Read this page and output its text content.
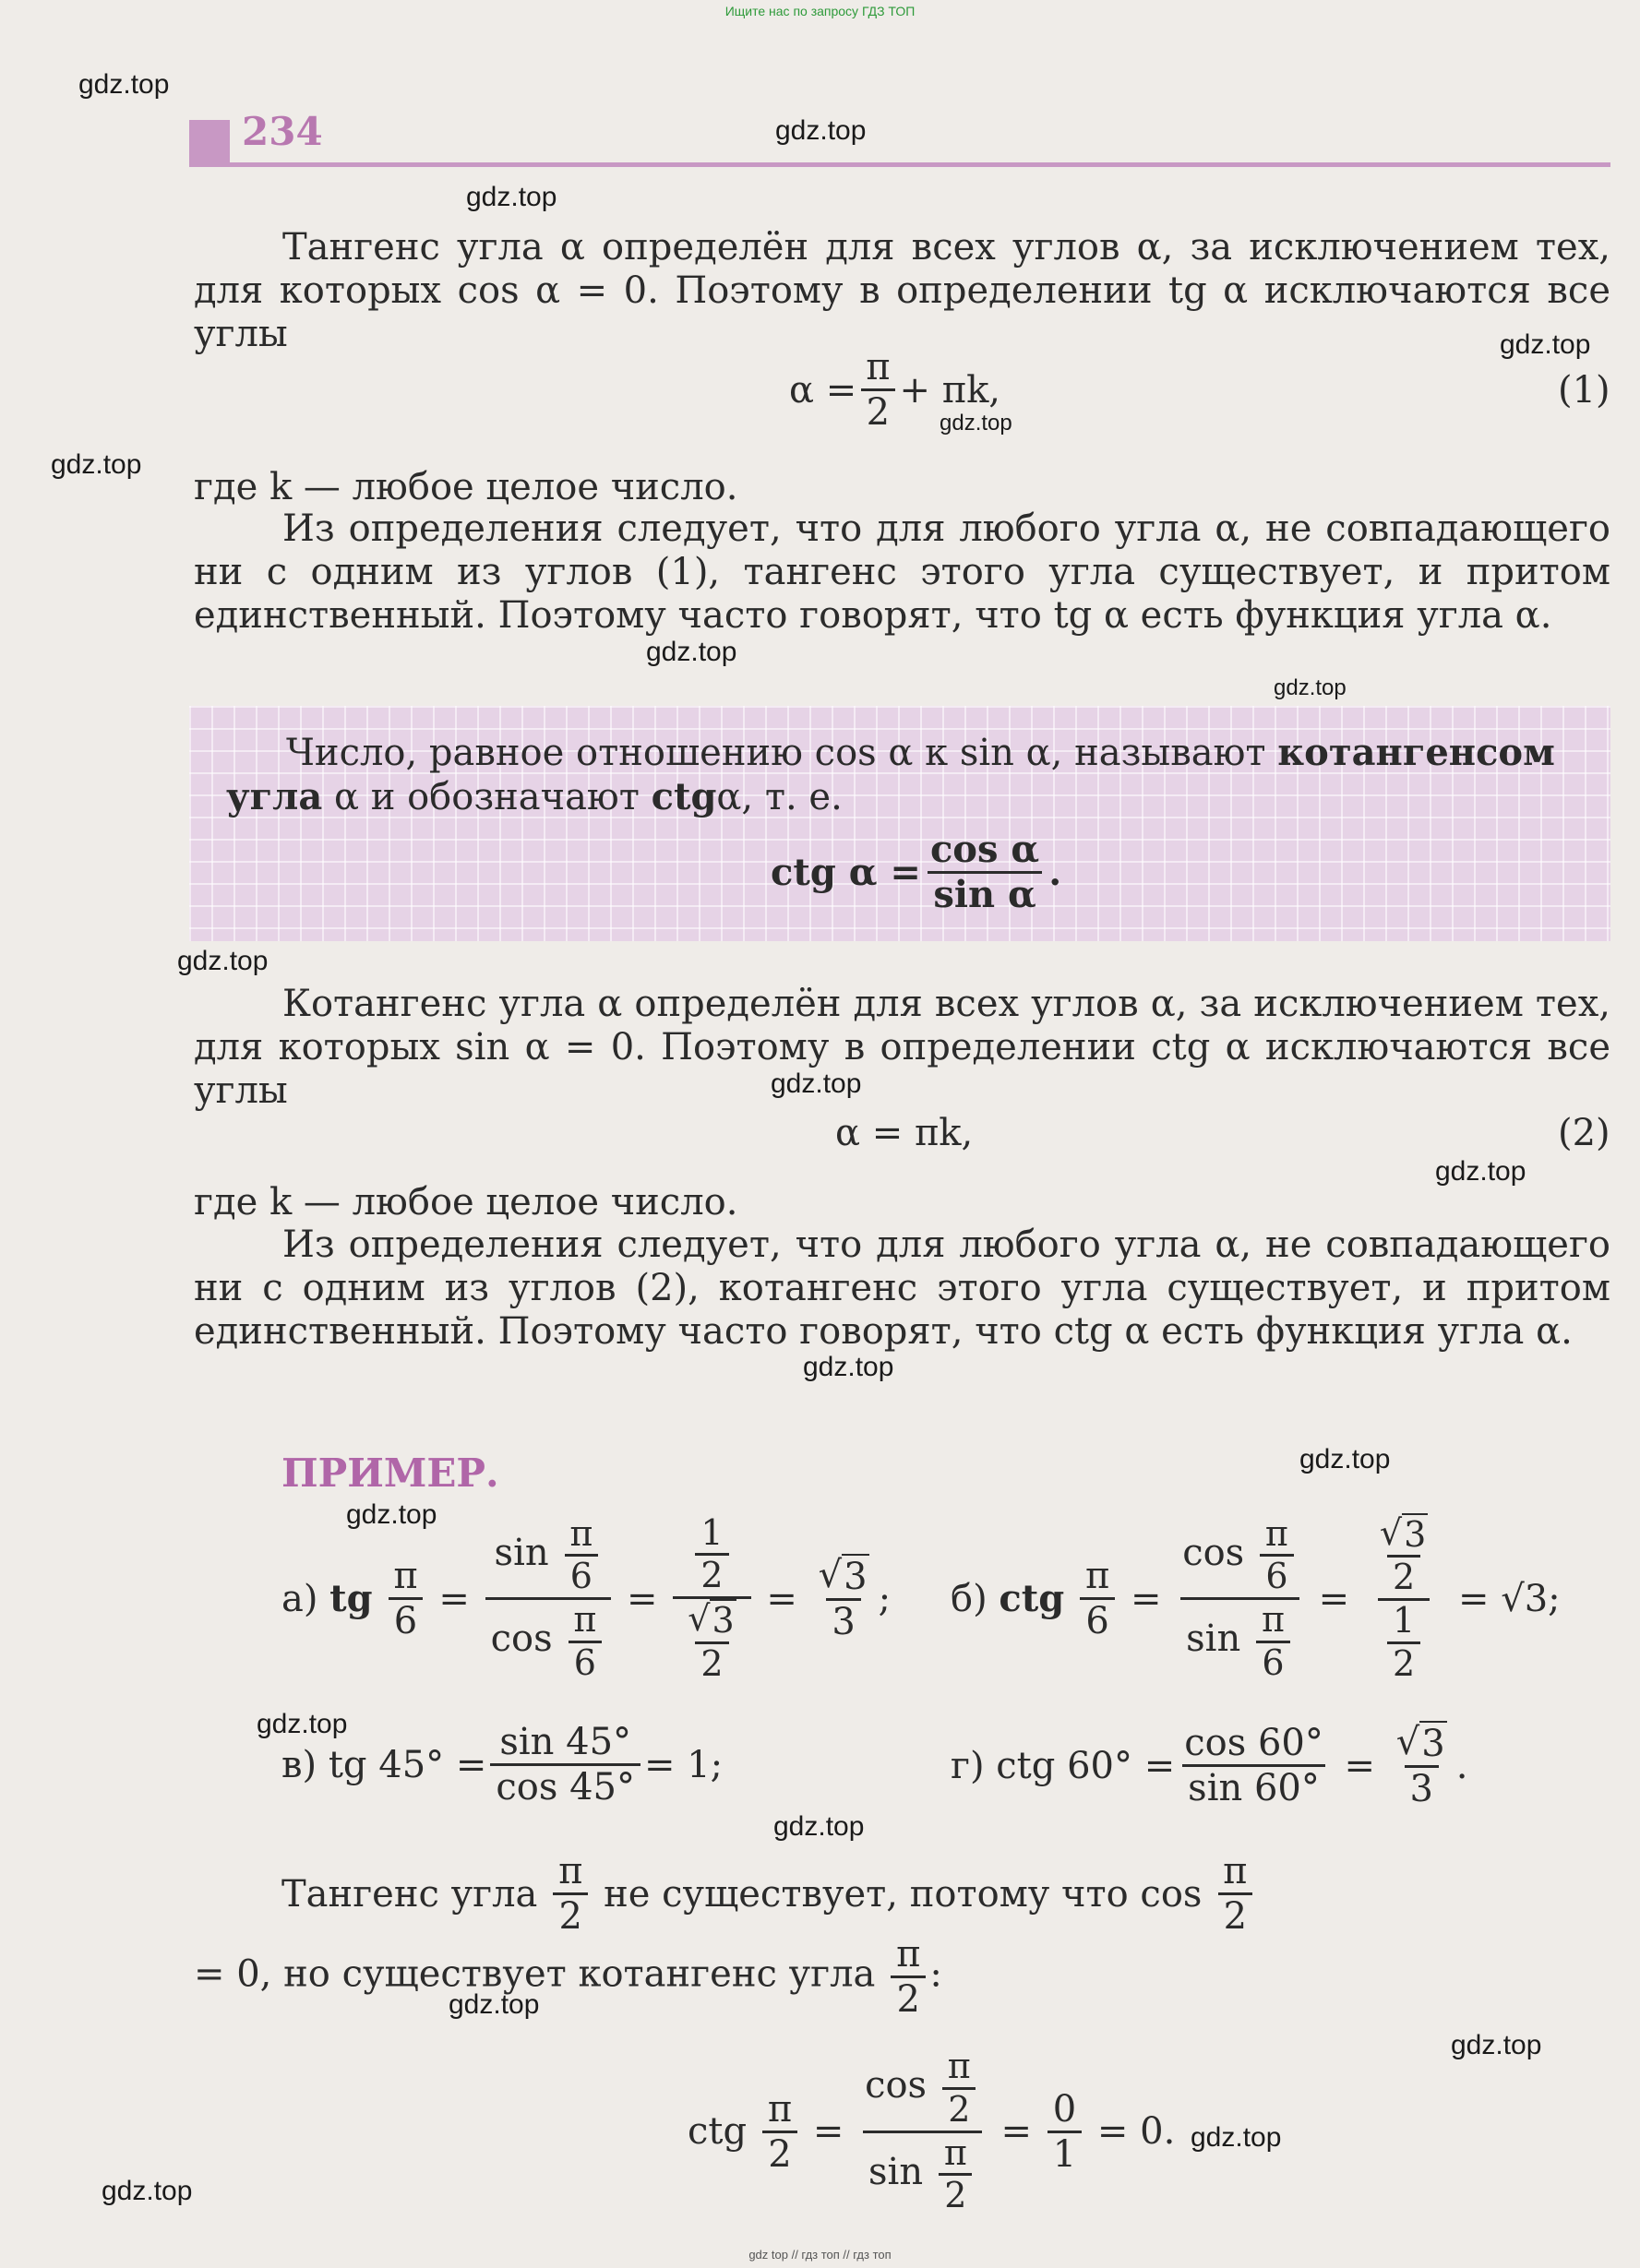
Ищите нас по запросу ГДЗ ТОП
234
gdz.top
gdz.top
gdz.top
gdz.top
gdz.top
gdz.top
gdz.top
gdz.top
gdz.top
gdz.top
gdz.top
gdz.top
gdz.top
gdz.top
gdz.top
gdz.top
gdz.top
gdz.top
gdz.top
gdz.top
Тангенс угла α определён для всех углов α, за исключением тех, для которых cos α = 0. Поэтому в определении tg α исключаются все углы
$\alpha = \frac{\pi}{2} + \pi k$,	(1)
где k — любое целое число.
Из определения следует, что для любого угла α, не совпадающего ни с одним из углов (1), тангенс этого угла существует, и притом единственный. Поэтому часто говорят, что tg α есть функция угла α.
Число, равное отношению cos α к sin α, называют котангенсом
угла α и обозначают ctgα, т. е.
ctg $\alpha = \frac{\text{cos α}}{\text{sin α}}$ .
Котангенс угла α определён для всех углов α, за исключением тех, для которых sin α = 0. Поэтому в определении ctg α исключаются все углы
α = πk,	(2)
где k — любое целое число.
Из определения следует, что для любого угла α, не совпадающего ни с одним из углов (2), котангенс этого угла существует, и притом единственный. Поэтому часто говорят, что ctg α есть функция угла α.
ПРИМЕР.
а)
tg
$\frac{\pi}{6} = \frac{\sin \frac{\pi}{6}}{\cos \frac{\pi}{6}} = \frac{\frac{1}{2}}{\frac{√ 3}{2}} = \frac{√ 3}{3}$ ; б)
ctg
$\frac{\pi}{6} = \frac{\cos \frac{\pi}{6}}{\sin \frac{\pi}{6}} = \frac{\frac{√ 3}{2}}{\frac{1}{2}} = √3$;
в)
tg $45^\circ = \frac{\sin 45^\circ}{\cos 45^\circ} = 1$;	г)
ctg $60^\circ = \frac{\cos 60^\circ}{\sin 60^\circ} = \frac{√ 3}{3}$ .
Тангенс угла
$\frac{\pi}{2}$
не существует, потому что cos
$\frac{\pi}{2}$

= 0, но существует котангенс угла $\frac{\pi}{2}$ :
ctg
$\frac{\pi}{2} = \frac{\cos \frac{\pi}{2}}{\sin \frac{\pi}{2}} = \frac{0}{1}$
= 0.
gdz top // гдз топ // гдз топ
